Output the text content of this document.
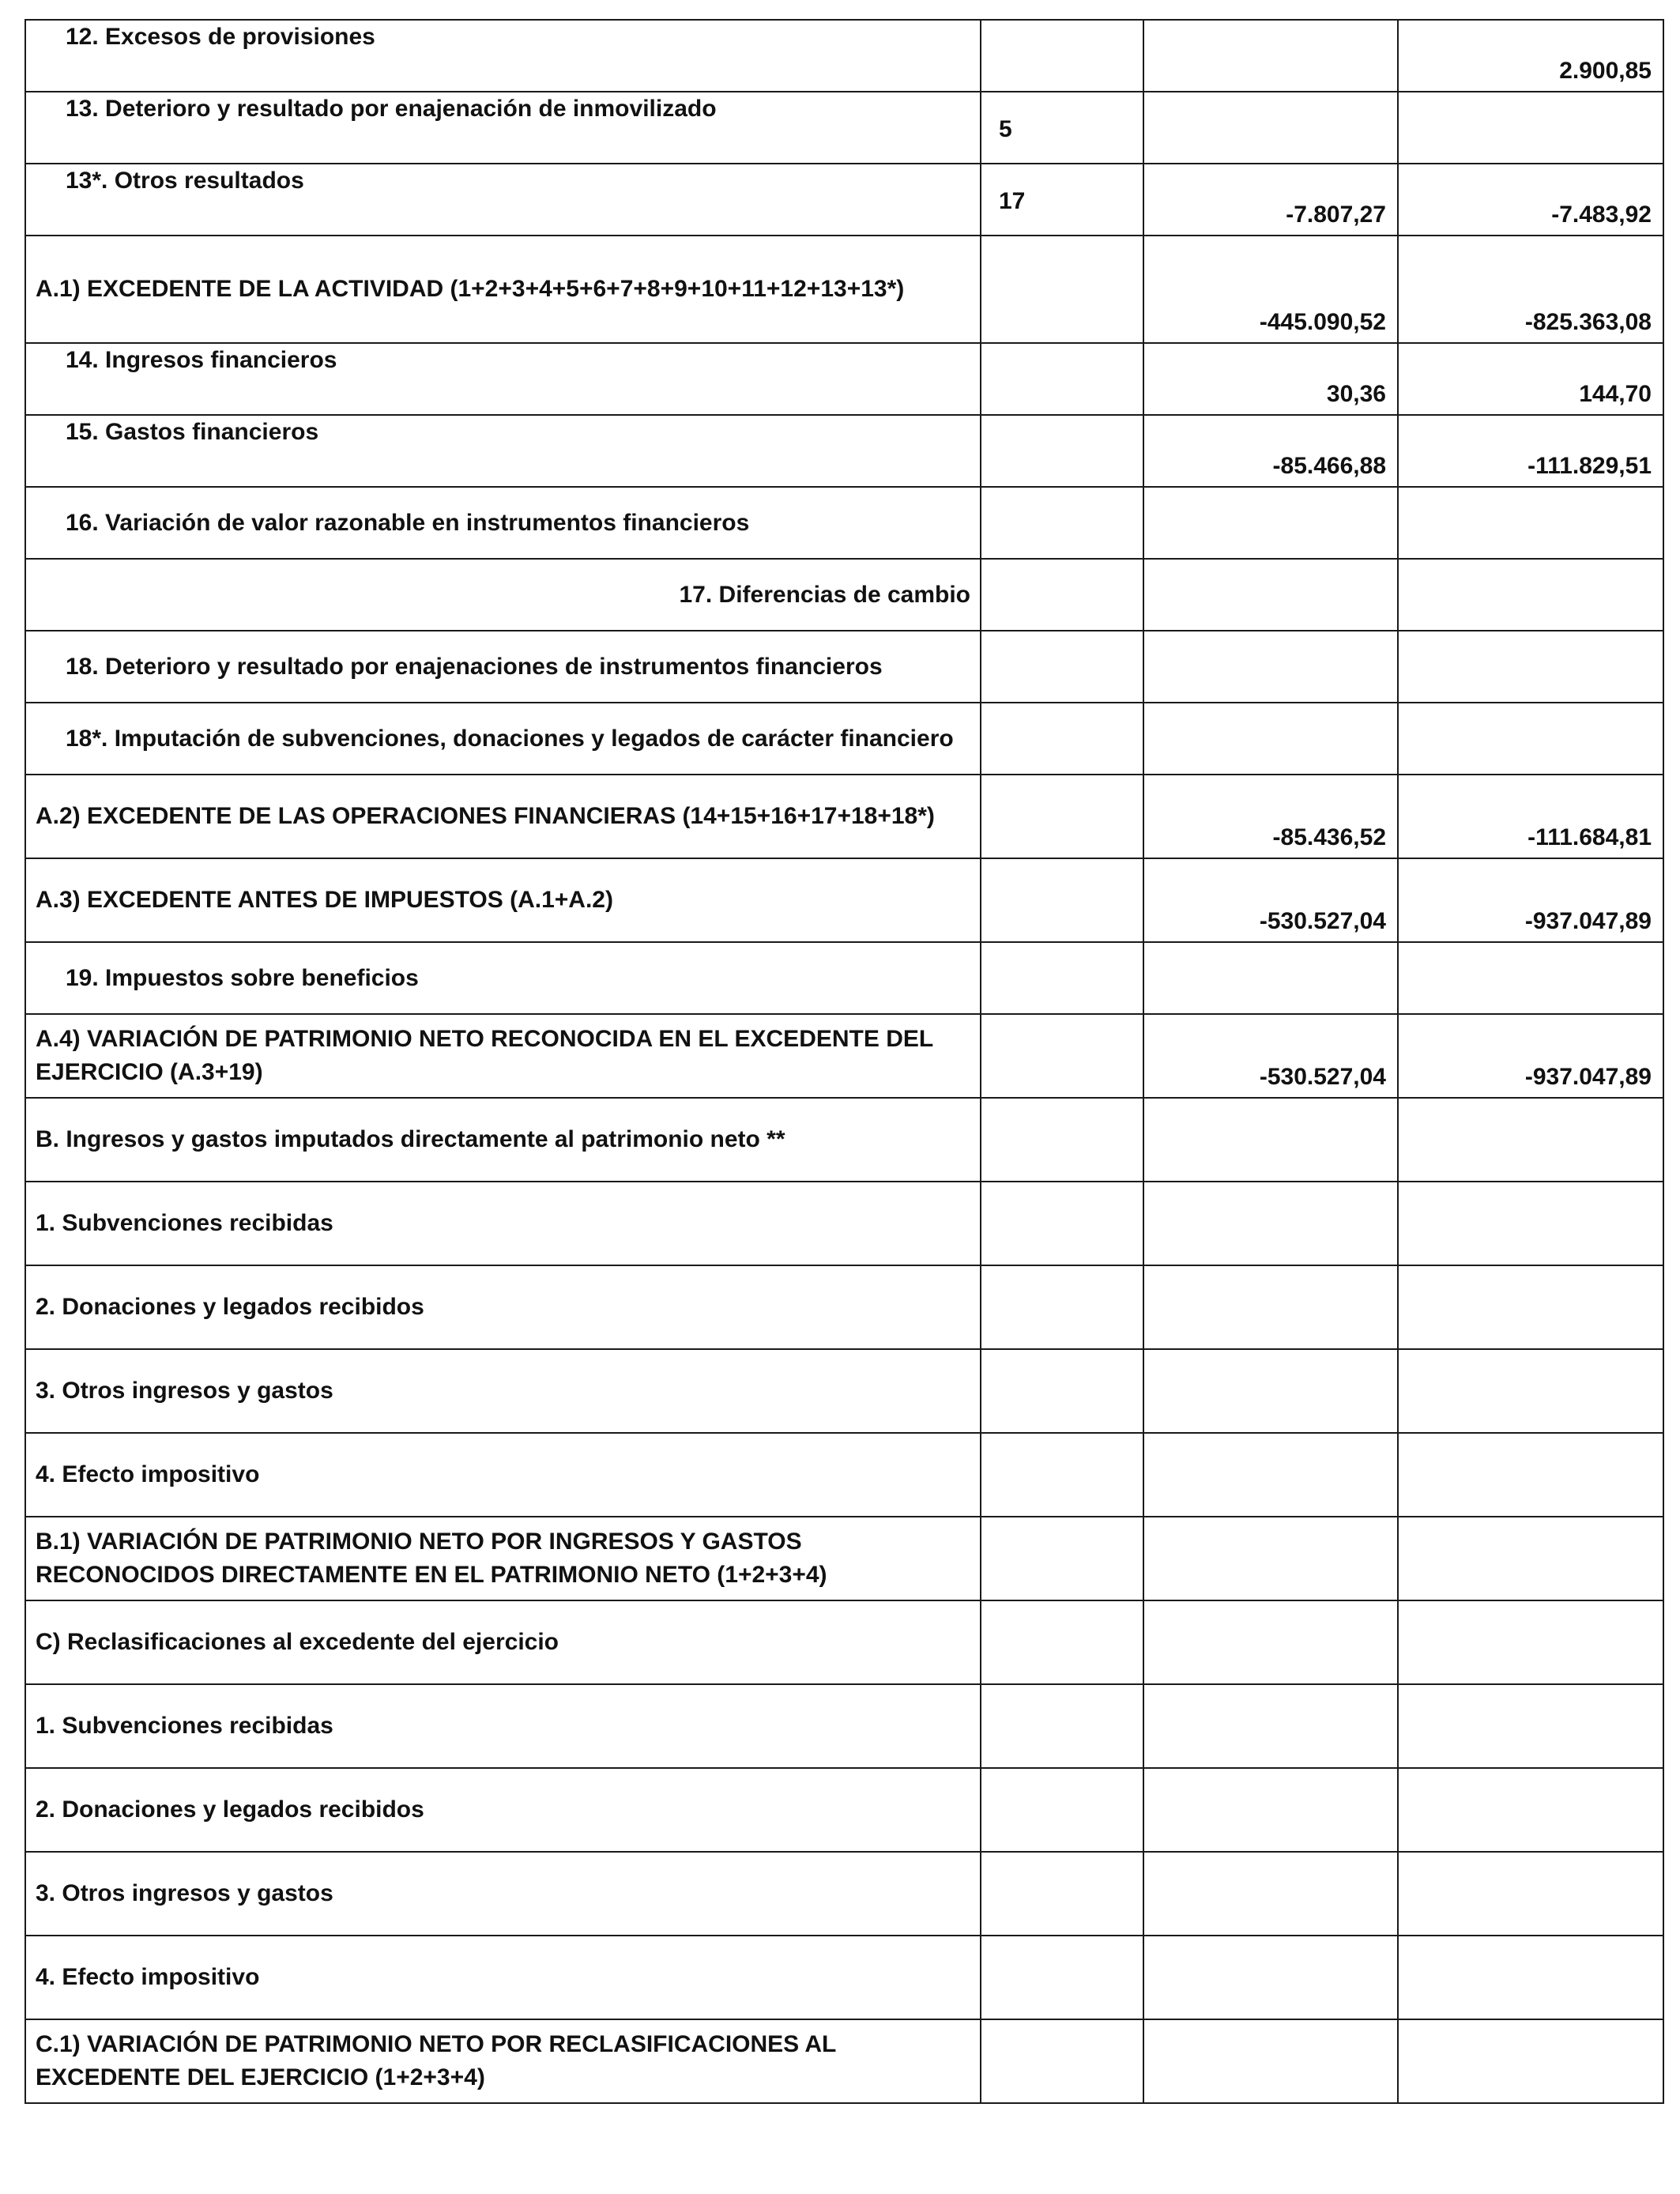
12. Excesos de provisiones			2.900,85
13. Deterioro y resultado por enajenación de inmovilizado	5		
13*. Otros resultados	17	-7.807,27	-7.483,92
A.1) EXCEDENTE DE LA ACTIVIDAD (1+2+3+4+5+6+7+8+9+10+11+12+13+13*)		-445.090,52	-825.363,08
14. Ingresos financieros		30,36	144,70
15. Gastos financieros		-85.466,88	-111.829,51
16. Variación de valor razonable en instrumentos financieros			
17. Diferencias de cambio			
18. Deterioro y resultado por enajenaciones de instrumentos financieros			
18*. Imputación de subvenciones, donaciones y legados de carácter financiero			
A.2) EXCEDENTE DE LAS OPERACIONES FINANCIERAS (14+15+16+17+18+18*)		-85.436,52	-111.684,81
A.3) EXCEDENTE ANTES DE IMPUESTOS (A.1+A.2)		-530.527,04	-937.047,89
19. Impuestos sobre beneficios			
A.4) VARIACIÓN DE PATRIMONIO NETO RECONOCIDA EN EL EXCEDENTE DEL EJERCICIO (A.3+19)		-530.527,04	-937.047,89
B. Ingresos y gastos imputados directamente al patrimonio neto **			
1. Subvenciones recibidas			
2. Donaciones y legados recibidos			
3. Otros ingresos y gastos			
4. Efecto impositivo			
B.1) VARIACIÓN DE PATRIMONIO NETO POR INGRESOS Y GASTOS RECONOCIDOS DIRECTAMENTE EN EL PATRIMONIO NETO (1+2+3+4)			
C) Reclasificaciones al excedente del ejercicio			
1. Subvenciones recibidas			
2. Donaciones y legados recibidos			
3. Otros ingresos y gastos			
4. Efecto impositivo			
C.1) VARIACIÓN DE PATRIMONIO NETO POR RECLASIFICACIONES AL EXCEDENTE DEL EJERCICIO (1+2+3+4)			
